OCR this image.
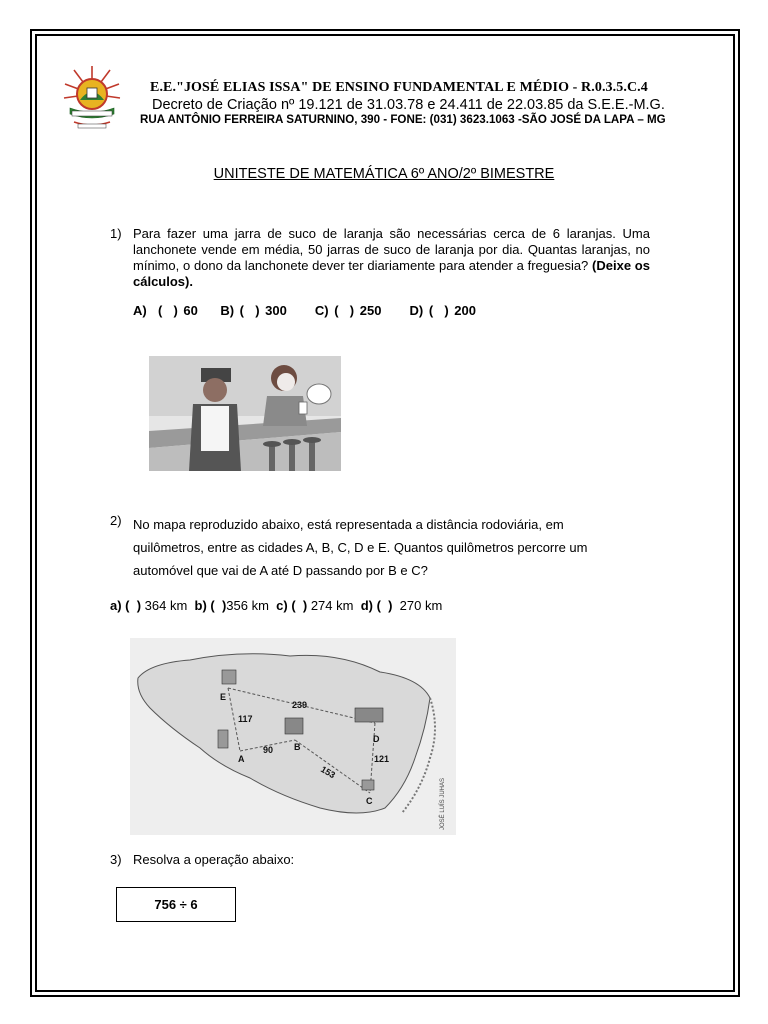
E.E."JOSÉ ELIAS ISSA" DE ENSINO FUNDAMENTAL E MÉDIO - R.0.3.5.C.4
Decreto de Criação nº 19.121 de 31.03.78 e 24.411 de 22.03.85 da S.E.E.-M.G.
RUA ANTÔNIO FERREIRA SATURNINO, 390 - FONE: (031) 3623.1063 -SÃO JOSÉ DA LAPA – MG
UNITESTE DE MATEMÁTICA 6º ANO/2º BIMESTRE
1) Para fazer uma jarra de suco de laranja são necessárias cerca de 6 laranjas. Uma lanchonete vende em média, 50 jarras de suco de laranja por dia. Quantas laranjas, no mínimo, o dono da lanchonete dever ter diariamente para atender a freguesia? (Deixe os cálculos).
A)  (  ) 60    B) (  ) 300     C) (  ) 250     D) (  ) 200
2) No mapa reproduzido abaixo, está representada a distância rodoviária, em quilômetros, entre as cidades A, B, C, D e E. Quantos quilômetros percorre um automóvel que vai de A até D passando por B e C?
a) (  ) 364 km  b) (  )356 km  c) (  ) 274 km  d) (  )  270 km
E
A
B
D
C
117
90
239
153
121
JOSÉ LUÍS JUHAS
3) Resolva a operação abaixo:
756 ÷ 6
